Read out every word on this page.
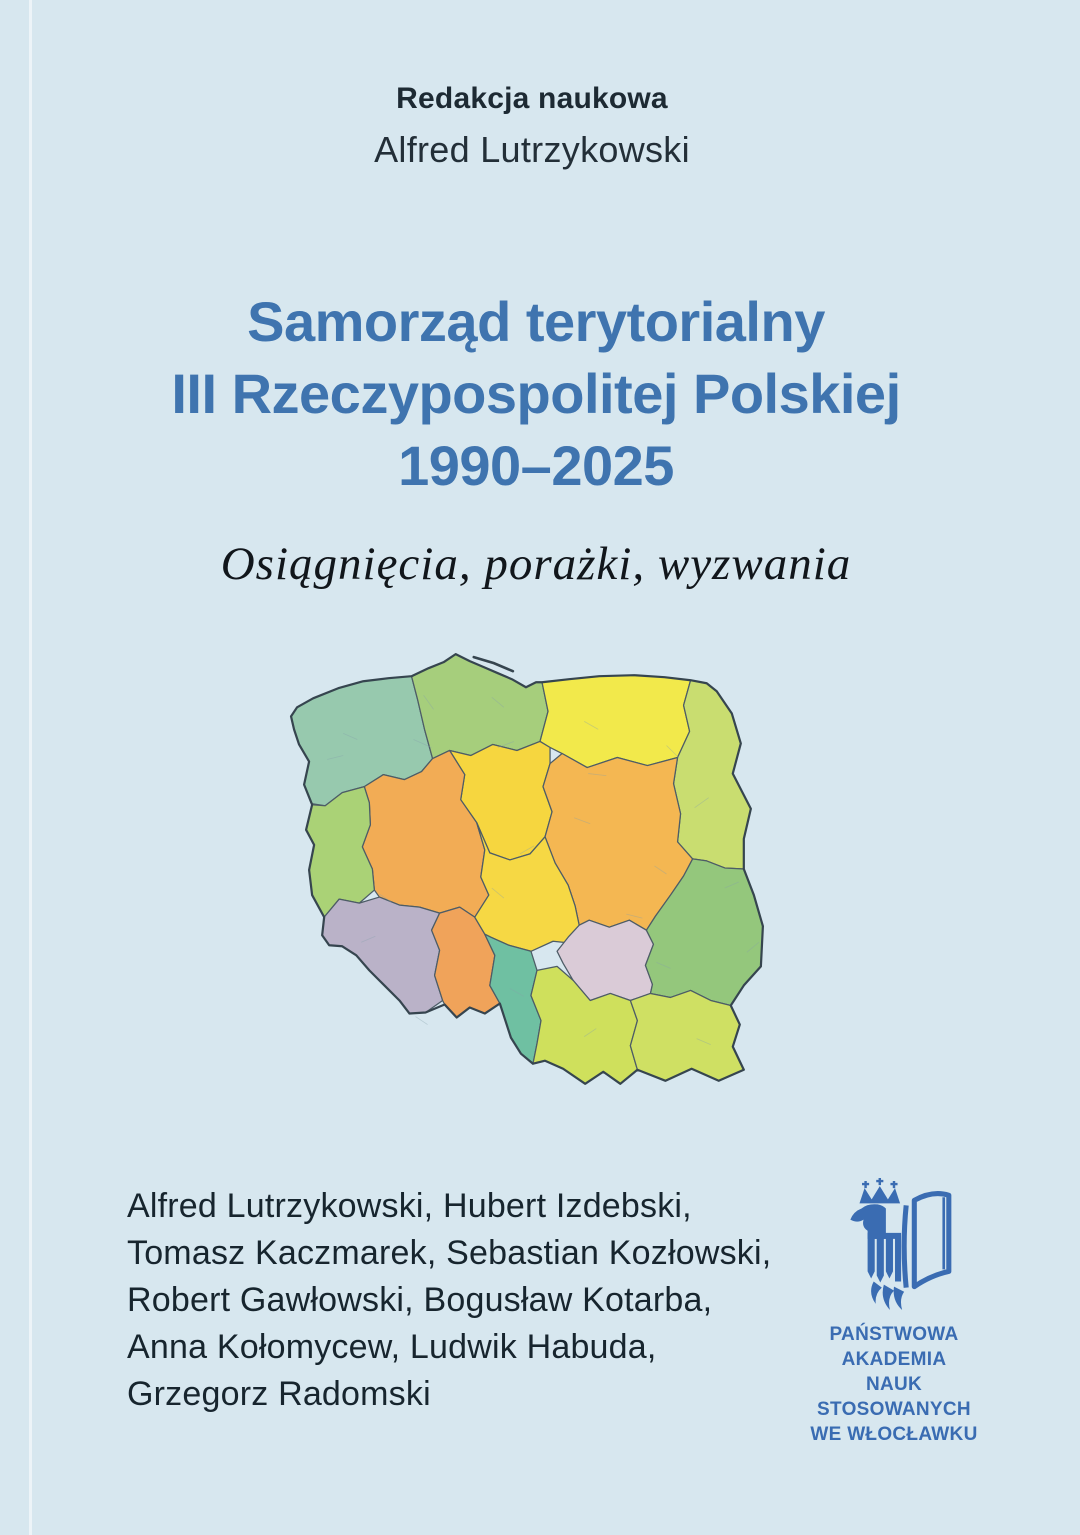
Redakcja naukowa
Alfred Lutrzykowski
Samorząd terytorialny
III Rzeczypospolitej Polskiej
1990–2025
Osiągnięcia, porażki, wyzwania
Alfred Lutrzykowski, Hubert Izdebski,
Tomasz Kaczmarek, Sebastian Kozłowski,
Robert Gawłowski, Bogusław Kotarba,
Anna Kołomycew, Ludwik Habuda,
Grzegorz Radomski
PAŃSTWOWA AKADEMIA
NAUK STOSOWANYCH
WE WŁOCŁAWKU
